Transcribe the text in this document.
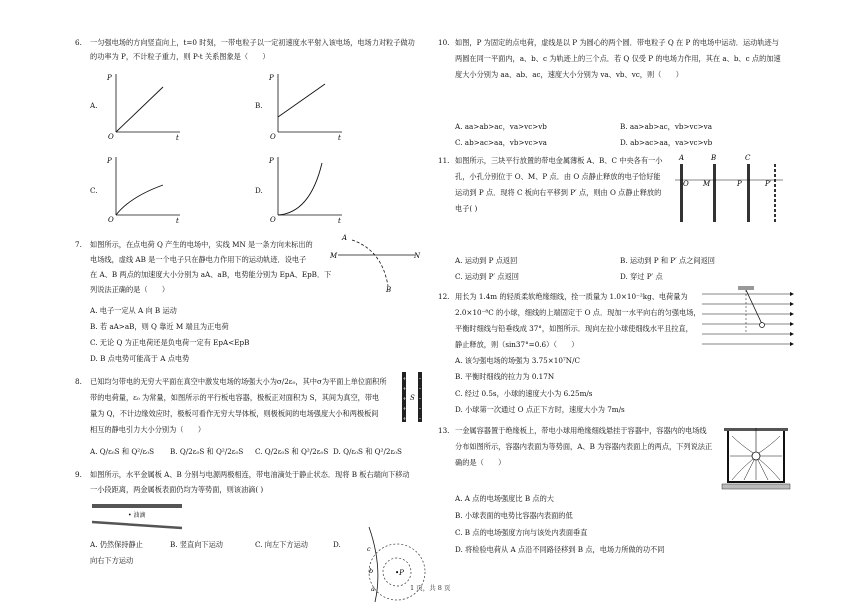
6. 一匀强电场的方向竖直向上，t=0 时刻，一带电粒子以一定初速度水平射入该电场，电场力对粒子做功
的功率为 P，不计粒子重力，则 P-t 关系图象是（　　）
A.	B.
C.	D.
P
O	t
P
O	t
P
O	t
P
O	t
7. 如图所示，在点电荷 Q 产生的电场中，实线 MN 是一条方向未标出的
电场线，虚线 AB 是一个电子只在静电力作用下的运动轨迹．设电子
在 A、B 两点的加速度大小分别为 aA、aB，电势能分别为 EpA、EpB．下
列说法正确的是（　　）
A. 电子一定从 A 向 B 运动
B. 若 aA>aB，则 Q 靠近 M 端且为正电荷
C. 无论 Q 为正电荷还是负电荷一定有 EpA<EpB
D. B 点电势可能高于 A 点电势
A
M	N
B
8. 已知均匀带电的无穷大平面在真空中激发电场的场强大小为σ/2ε₀，其中σ为平面上单位面积所
带的电荷量，ε₀ 为常量，如图所示的平行板电容器，极板正对面积为 S，其间为真空，带电
量为 Q，不计边缘效应时，极板可看作无穷大导体板，则极板间的电场强度大小和两极板间
相互的静电引力大小分别为（　　）
A. Q/ε₀S 和 Q²/ε₀S B. Q/2ε₀S 和 Q²/2ε₀S C. Q/2ε₀S 和 Q²/2ε₀S D. Q/ε₀S 和 Q²/2ε₀S
+
+
+
+
+
-
-
-
-
-
S
9. 如图所示，水平金属板 A、B 分别与电源两极相连，带电油滴处于静止状态．现将 B 板右端向下移动
一小段距离，两金属板表面仍均为等势面，则该油滴( )
• 油滴
A. 仍然保持静止	B. 竖直向下运动	C. 向左下方运动	D.
向右下方运动
•P
c
b
a
10. 如图，P 为固定的点电荷，虚线是以 P 为圆心的两个圆．带电粒子 Q 在 P 的电场中运动．运动轨迹与
两圆在同一平面内，a、b、c 为轨迹上的三个点．若 Q 仅受 P 的电场力作用，其在 a、b、c 点的加速
度大小分别为 aa、ab、ac，速度大小分别为 va、vb、vc，则（　　）
A. aa>ab>ac，va>vc>vb	B. aa>ab>ac，vb>vc>va
C. ab>ac>aa，vb>vc>va	D. ab>ac>aa，va>vc>vb
11. 如图所示，三块平行放置的带电金属薄板 A、B、C 中央各有一小
孔，小孔分别位于 O、M、P 点．由 O 点静止释放的电子恰好能
运动到 P 点．现将 C 板向右平移到 P′ 点，则由 O 点静止释放的
电子( )
A	B	C
O M	P	P′
A. 运动到 P 点返回	B. 运动到 P 和 P′ 点之间返回
C. 运动到 P′ 点返回	D. 穿过 P′ 点
12. 用长为 1.4m 的轻质柔软绝缘细线，拴一质量为 1.0×10⁻²kg、电荷量为
2.0×10⁻⁸C 的小球，细线的上端固定于 O 点．现加一水平向右的匀强电场，
平衡时细线与铅垂线成 37°，如图所示．现向左拉小球使细线水平且拉直，
静止释放，则（sin37°=0.6）（　　）
A. 该匀强电场的场强为 3.75×10⁷N/C
B. 平衡时细线的拉力为 0.17N
C. 经过 0.5s，小球的速度大小为 6.25m/s
D. 小球第一次通过 O 点正下方时，速度大小为 7m/s
13. 一金属容器置于绝缘板上，带电小球用绝缘细线悬挂于容器中，容器内的电场线
分布如图所示，容器内表面为等势面，A、B 为容器内表面上的两点，下列说法正
确的是（　　）
A. A 点的电场强度比 B 点的大
B. 小球表面的电势比容器内表面的低
C. B 点的电场强度方向与该处内表面垂直
D. 将检验电荷从 A 点沿不同路径移到 B 点，电场力所做的功不同
1 页，共 8 页
